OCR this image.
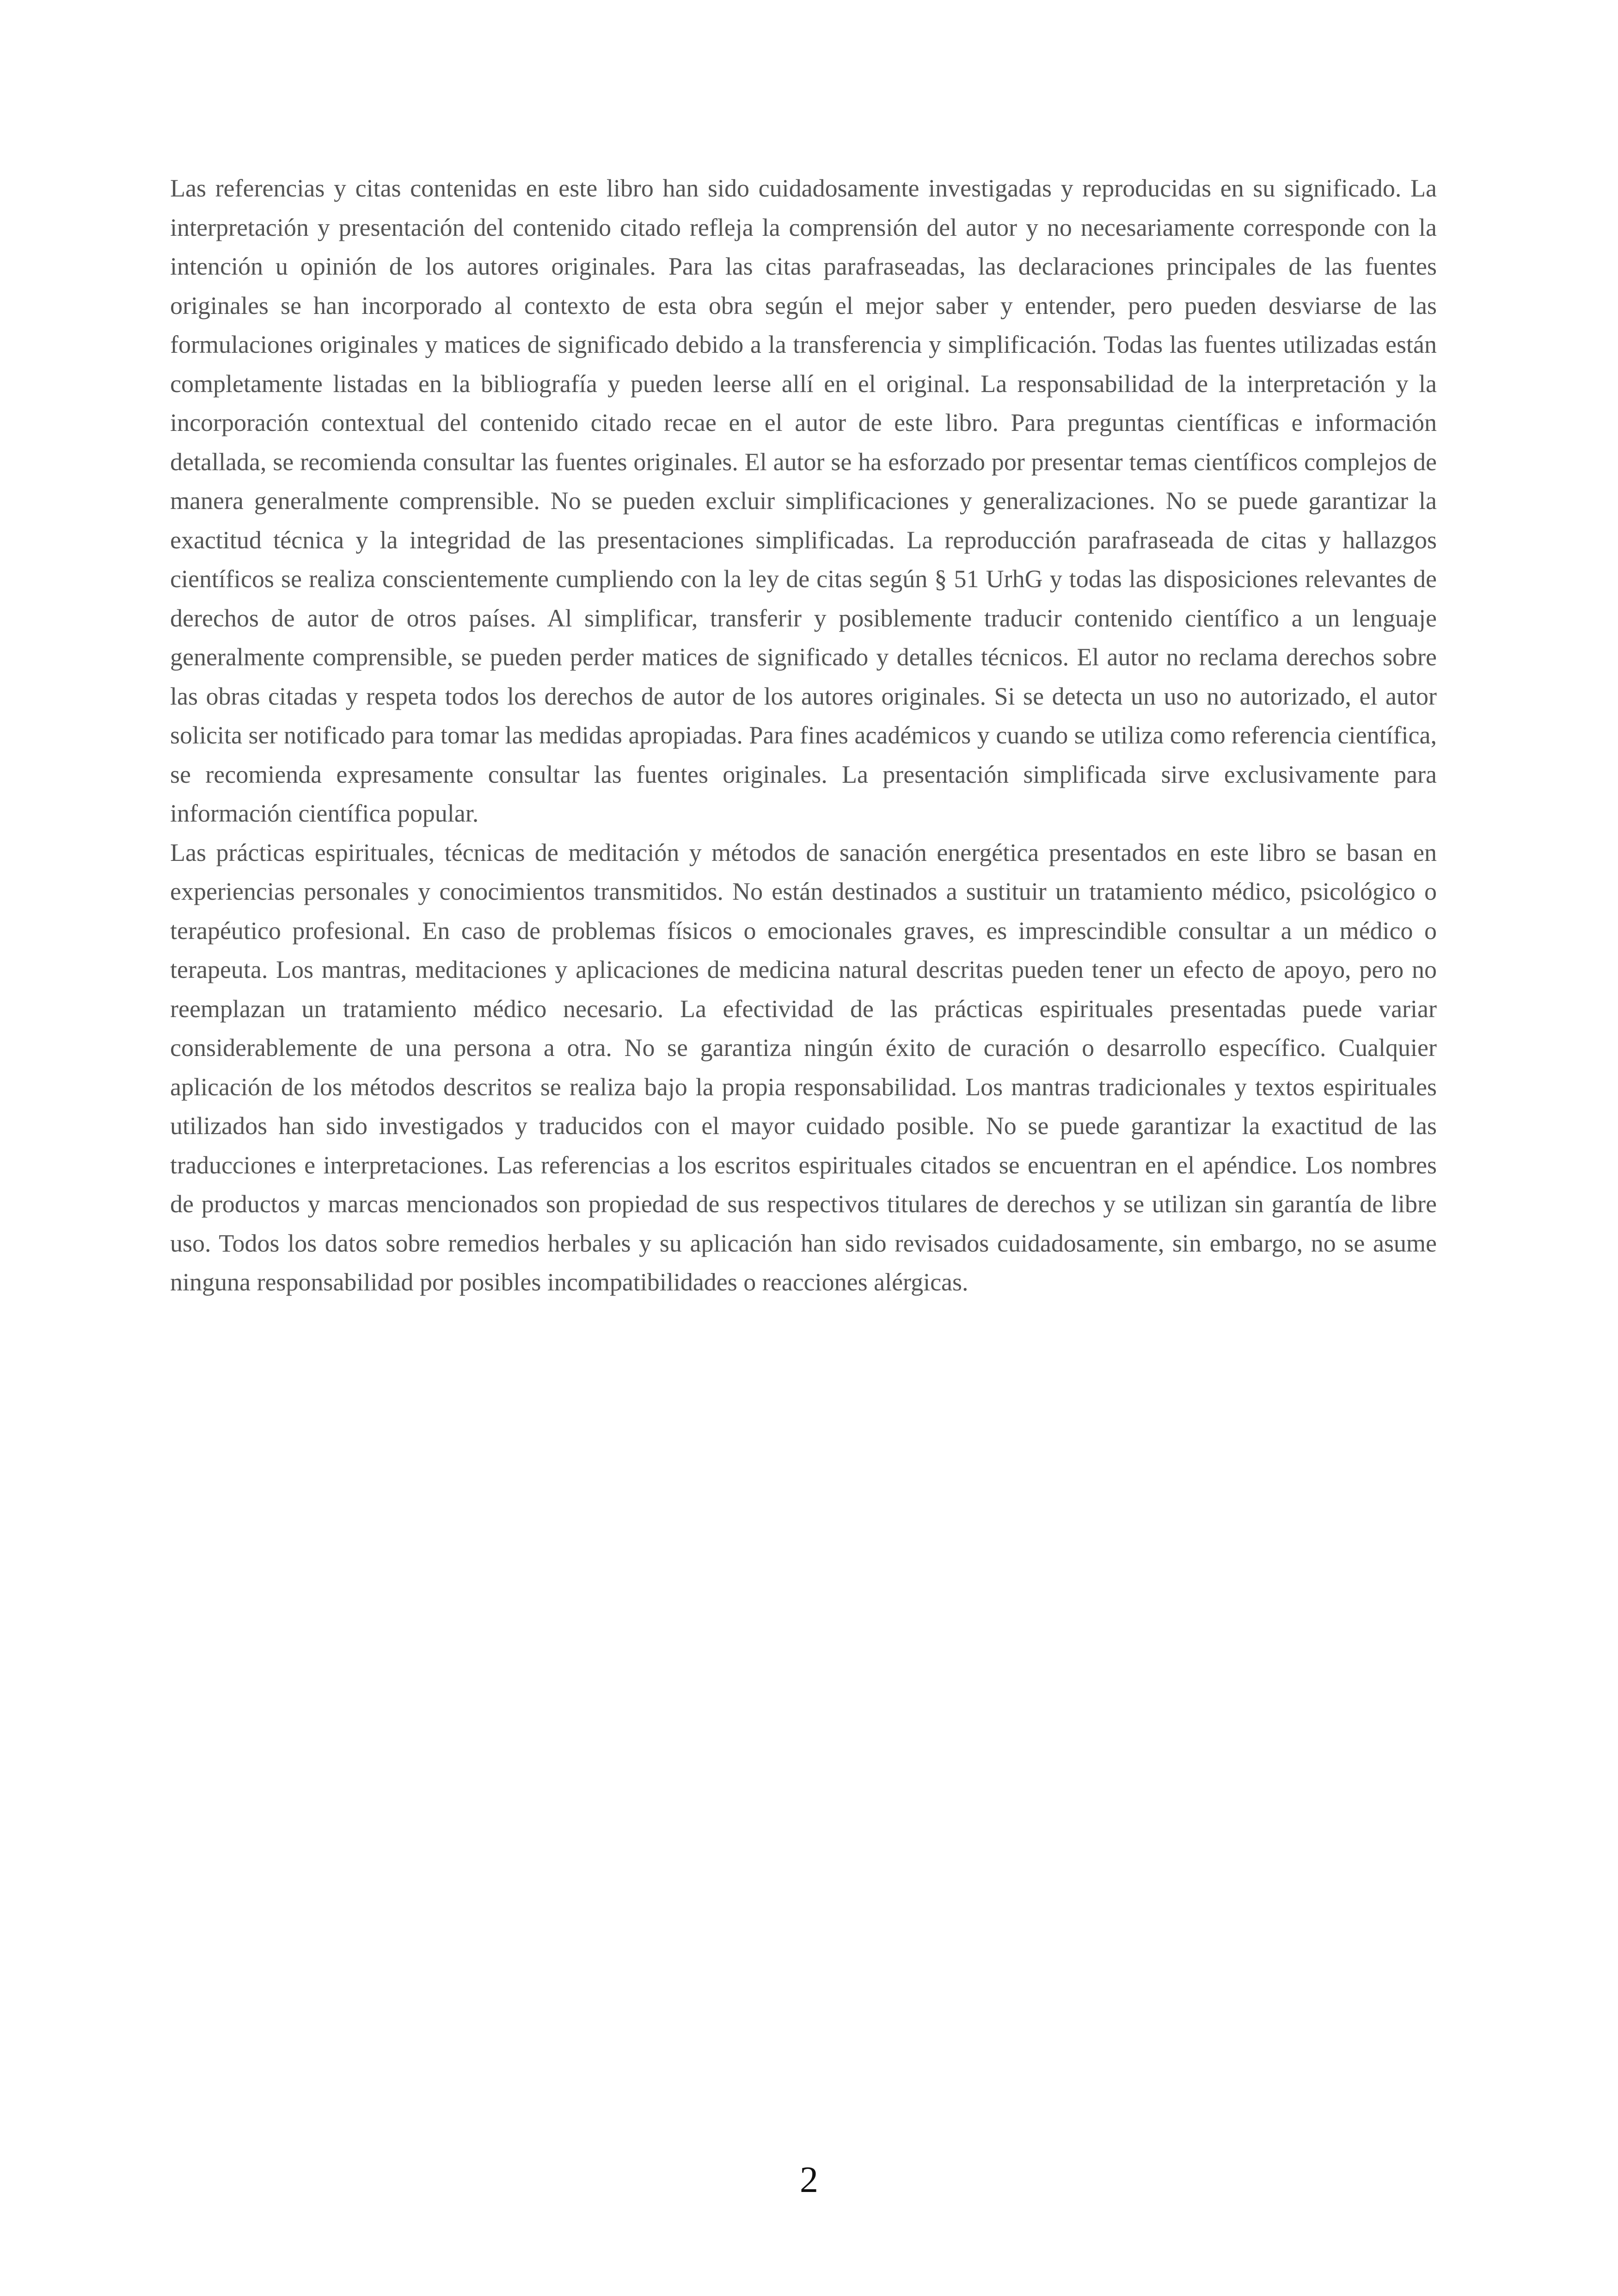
Las referencias y citas contenidas en este libro han sido cuidadosamente investigadas y reproducidas en su significado. La interpretación y presentación del contenido citado refleja la comprensión del autor y no necesariamente corresponde con la intención u opinión de los autores originales. Para las citas parafraseadas, las declaraciones principales de las fuentes originales se han incorporado al contexto de esta obra según el mejor saber y entender, pero pueden desviarse de las formulaciones originales y matices de significado debido a la transferencia y simplificación. Todas las fuentes utilizadas están completamente listadas en la bibliografía y pueden leerse allí en el original. La responsabilidad de la interpretación y la incorporación contextual del contenido citado recae en el autor de este libro. Para preguntas científicas e información detallada, se recomienda consultar las fuentes originales. El autor se ha esforzado por presentar temas científicos complejos de manera generalmente comprensible. No se pueden excluir simplificaciones y generalizaciones. No se puede garantizar la exactitud técnica y la integridad de las presentaciones simplificadas. La reproducción parafraseada de citas y hallazgos científicos se realiza conscientemente cumpliendo con la ley de citas según § 51 UrhG y todas las disposiciones relevantes de derechos de autor de otros países. Al simplificar, transferir y posiblemente traducir contenido científico a un lenguaje generalmente comprensible, se pueden perder matices de significado y detalles técnicos. El autor no reclama derechos sobre las obras citadas y respeta todos los derechos de autor de los autores originales. Si se detecta un uso no autorizado, el autor solicita ser notificado para tomar las medidas apropiadas. Para fines académicos y cuando se utiliza como referencia científica, se recomienda expresamente consultar las fuentes originales. La presentación simplificada sirve exclusivamente para información científica popular.

Las prácticas espirituales, técnicas de meditación y métodos de sanación energética presentados en este libro se basan en experiencias personales y conocimientos transmitidos. No están destinados a sustituir un tratamiento médico, psicológico o terapéutico profesional. En caso de problemas físicos o emocionales graves, es imprescindible consultar a un médico o terapeuta. Los mantras, meditaciones y aplicaciones de medicina natural descritas pueden tener un efecto de apoyo, pero no reemplazan un tratamiento médico necesario. La efectividad de las prácticas espirituales presentadas puede variar considerablemente de una persona a otra. No se garantiza ningún éxito de curación o desarrollo específico. Cualquier aplicación de los métodos descritos se realiza bajo la propia responsabilidad. Los mantras tradicionales y textos espirituales utilizados han sido investigados y traducidos con el mayor cuidado posible. No se puede garantizar la exactitud de las traducciones e interpretaciones. Las referencias a los escritos espirituales citados se encuentran en el apéndice. Los nombres de productos y marcas mencionados son propiedad de sus respectivos titulares de derechos y se utilizan sin garantía de libre uso. Todos los datos sobre remedios herbales y su aplicación han sido revisados cuidadosamente, sin embargo, no se asume ninguna responsabilidad por posibles incompatibilidades o reacciones alérgicas.

2
